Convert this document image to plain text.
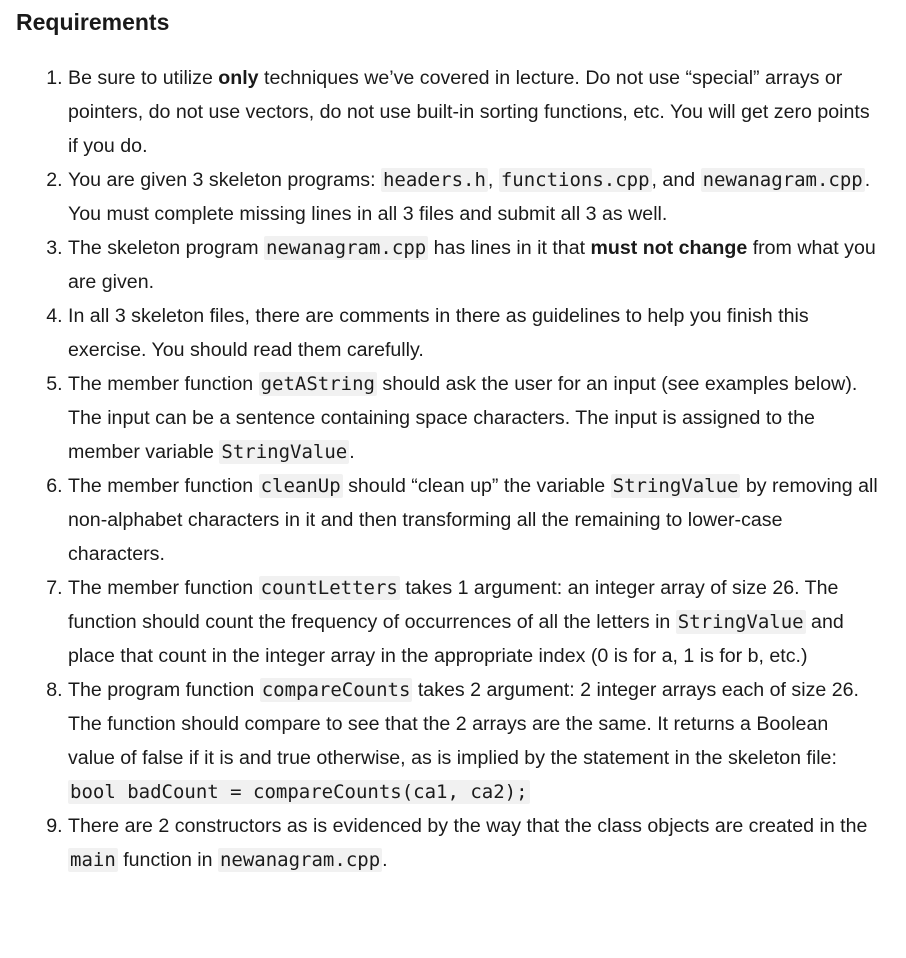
Requirements
1. Be sure to utilize only techniques we’ve covered in lecture. Do not use “special” arrays or pointers, do not use vectors, do not use built-in sorting functions, etc. You will get zero points if you do.
2. You are given 3 skeleton programs: headers.h , functions.cpp , and newanagram.cpp . You must complete missing lines in all 3 files and submit all 3 as well.
3. The skeleton program newanagram.cpp has lines in it that must not change from what you are given.
4. In all 3 skeleton files, there are comments in there as guidelines to help you finish this exercise. You should read them carefully.
5. The member function getAString should ask the user for an input (see examples below). The input can be a sentence containing space characters. The input is assigned to the member variable StringValue .
6. The member function cleanUp should “clean up” the variable StringValue by removing all non-alphabet characters in it and then transforming all the remaining to lower-case characters.
7. The member function countLetters takes 1 argument: an integer array of size 26. The function should count the frequency of occurrences of all the letters in StringValue and place that count in the integer array in the appropriate index (0 is for a, 1 is for b, etc.)
8. The program function compareCounts takes 2 argument: 2 integer arrays each of size 26. The function should compare to see that the 2 arrays are the same. It returns a Boolean value of false if it is and true otherwise, as is implied by the statement in the skeleton file: bool badCount = compareCounts(ca1, ca2);
9. There are 2 constructors as is evidenced by the way that the class objects are created in the main function in newanagram.cpp .
